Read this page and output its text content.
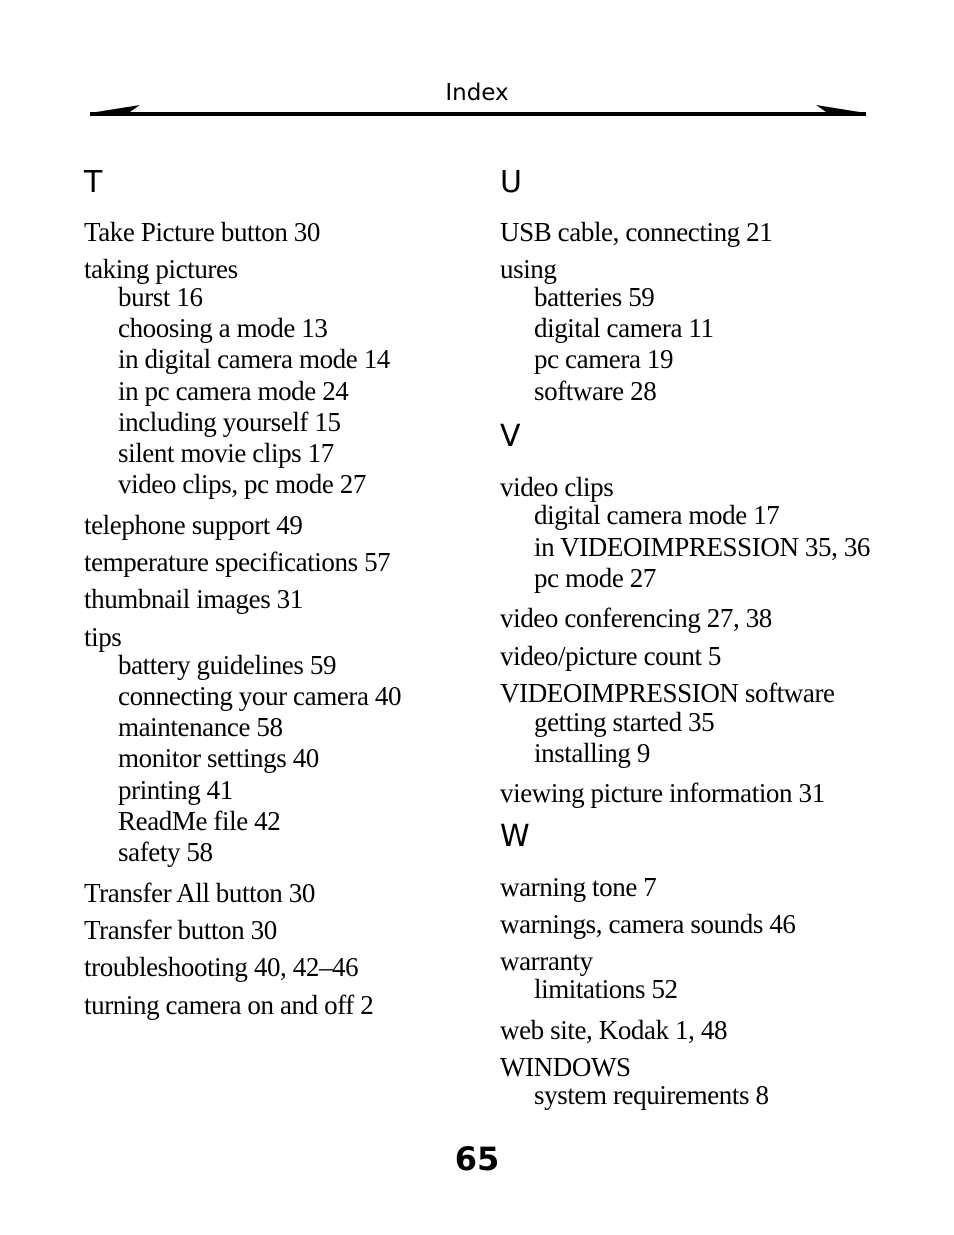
Index
T
Take Picture button 30
taking pictures
burst 16
choosing a mode 13
in digital camera mode 14
in pc camera mode 24
including yourself 15
silent movie clips 17
video clips, pc mode 27
telephone support 49
temperature specifications 57
thumbnail images 31
tips
battery guidelines 59
connecting your camera 40
maintenance 58
monitor settings 40
printing 41
ReadMe file 42
safety 58
Transfer All button 30
Transfer button 30
troubleshooting 40, 42–46
turning camera on and off 2
U
USB cable, connecting 21
using
batteries 59
digital camera 11
pc camera 19
software 28
V
video clips
digital camera mode 17
in VIDEOIMPRESSION 35, 36
pc mode 27
video conferencing 27, 38
video/picture count 5
VIDEOIMPRESSION software
getting started 35
installing 9
viewing picture information 31
W
warning tone 7
warnings, camera sounds 46
warranty
limitations 52
web site, Kodak 1, 48
WINDOWS
system requirements 8
65
